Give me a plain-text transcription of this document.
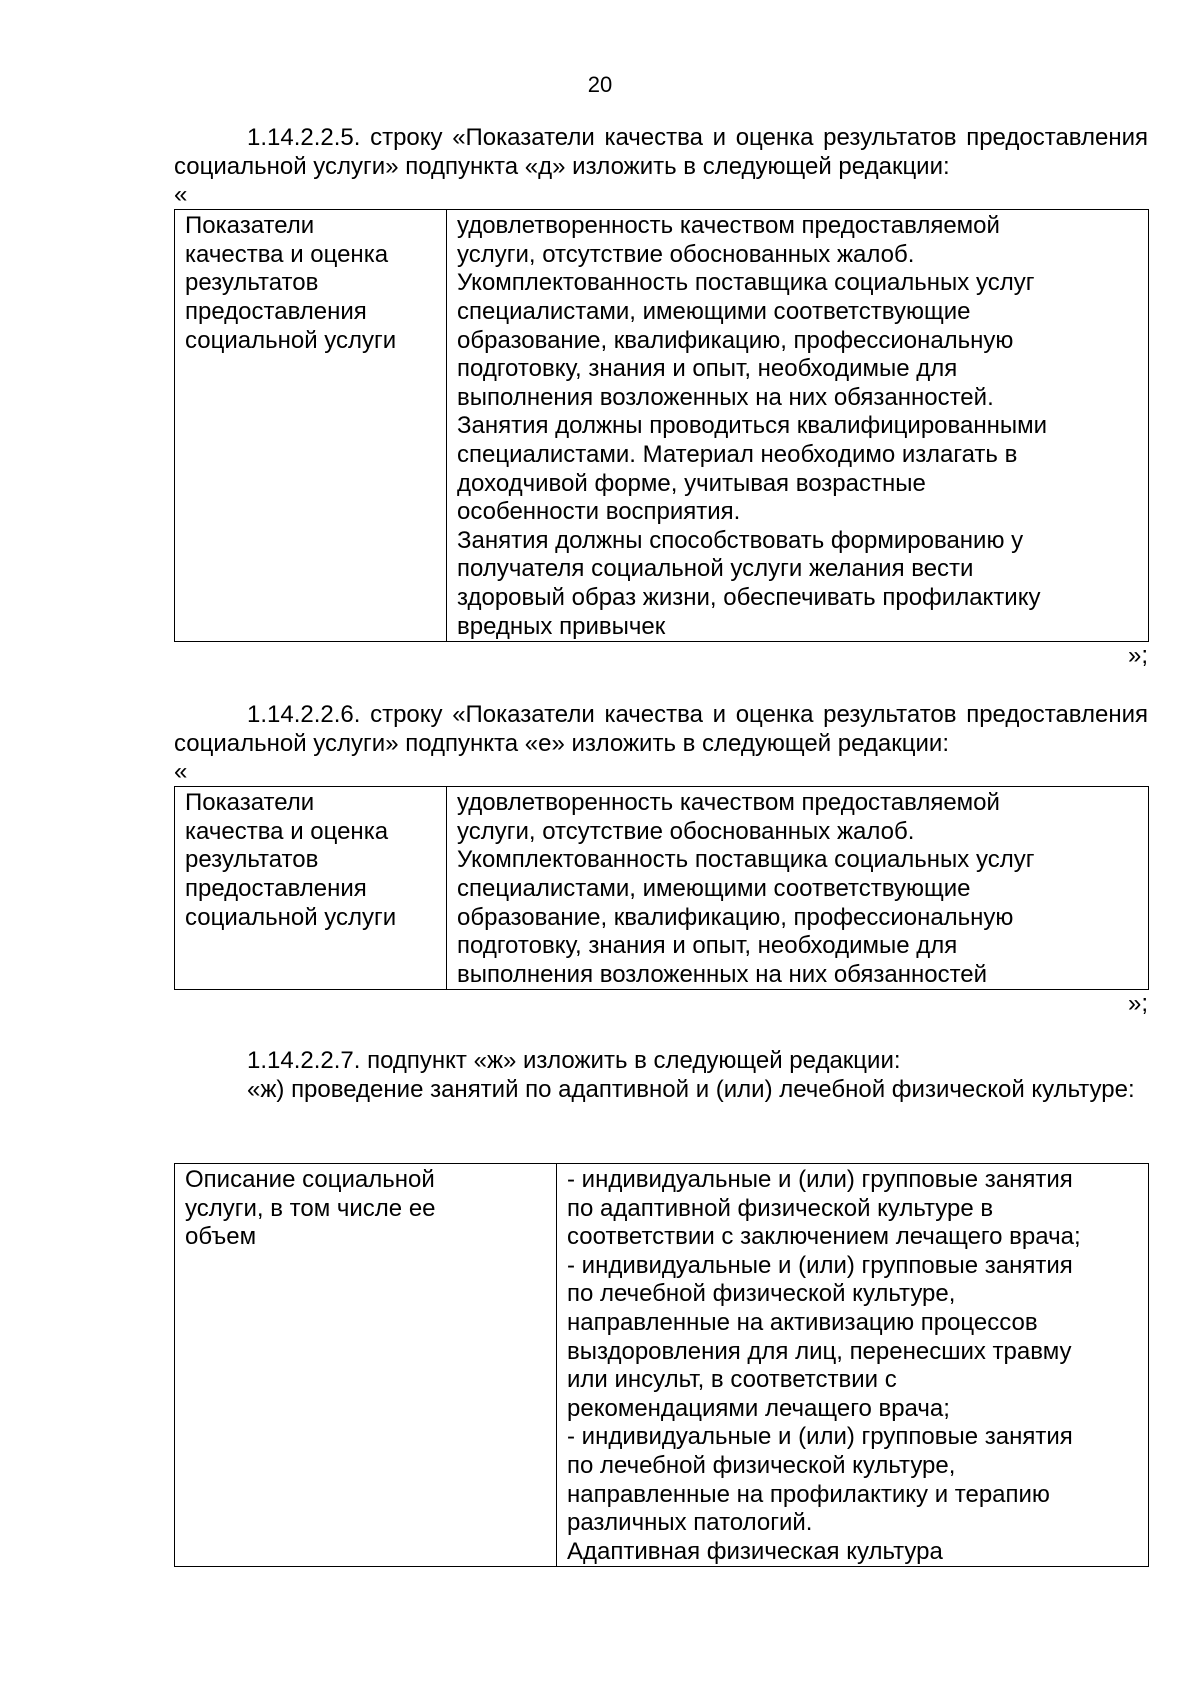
20

1.14.2.2.5. строку «Показатели качества и оценка результатов предоставления социальной услуги» подпункта «д» изложить в следующей редакции:

«

Показатели
качества и оценка
результатов
предоставления
социальной услуги

удовлетворенность качеством предоставляемой
услуги, отсутствие обоснованных жалоб.
Укомплектованность поставщика социальных услуг
специалистами, имеющими соответствующие
образование, квалификацию, профессиональную
подготовку, знания и опыт, необходимые для
выполнения возложенных на них обязанностей.
Занятия должны проводиться квалифицированными
специалистами. Материал необходимо излагать в
доходчивой форме, учитывая возрастные
особенности восприятия.
Занятия должны способствовать формированию у
получателя социальной услуги желания вести
здоровый образ жизни, обеспечивать профилактику
вредных привычек

»;

1.14.2.2.6. строку «Показатели качества и оценка результатов предоставления социальной услуги» подпункта «е» изложить в следующей редакции:

«

Показатели
качества и оценка
результатов
предоставления
социальной услуги

удовлетворенность качеством предоставляемой
услуги, отсутствие обоснованных жалоб.
Укомплектованность поставщика социальных услуг
специалистами, имеющими соответствующие
образование, квалификацию, профессиональную
подготовку, знания и опыт, необходимые для
выполнения возложенных на них обязанностей

»;

1.14.2.2.7. подпункт «ж» изложить в следующей редакции:

«ж) проведение занятий по адаптивной и (или) лечебной физической культуре:

Описание социальной
услуги, в том числе ее
объем

- индивидуальные и (или) групповые занятия
по адаптивной физической культуре в
соответствии с заключением лечащего врача;
- индивидуальные и (или) групповые занятия
по лечебной физической культуре,
направленные на активизацию процессов
выздоровления для лиц, перенесших травму
или инсульт, в соответствии с
рекомендациями лечащего врача;
- индивидуальные и (или) групповые занятия
по лечебной физической культуре,
направленные на профилактику и терапию
различных патологий.
Адаптивная физическая культура
